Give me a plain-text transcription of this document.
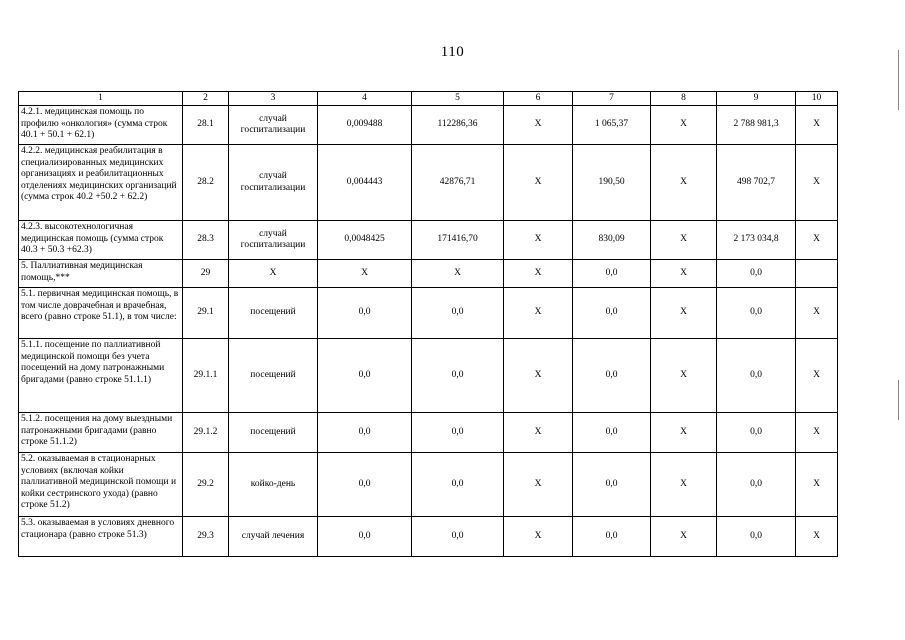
110
1	2	3	4	5	6	7	8	9	10
4.2.1. медицинская помощь по профилю «онкология» (сумма строк 40.1 + 50.1 + 62.1)	28.1	случай госпитализации	0,009488	112286,36	X	1 065,37	X	2 788 981,3	X
4.2.2. медицинская реабилитация в специализированных медицинских организациях и реабилитационных отделениях медицинских организаций (сумма строк 40.2 +50.2 + 62.2)	28.2	случай госпитализации	0,004443	42876,71	X	190,50	X	498 702,7	X
4.2.3. высокотехнологичная медицинская помощь (сумма строк 40.3 + 50.3 +62.3)	28.3	случай госпитализации	0,0048425	171416,70	X	830,09	X	2 173 034,8	X
5. Паллиативная медицинская помощь,***	29	X	X	X	X	0,0	X	0,0	
5.1. первичная медицинская помощь, в том числе доврачебная и врачебная, всего (равно строке 51.1), в том числе:	29.1	посещений	0,0	0,0	X	0,0	X	0,0	X
5.1.1. посещение по паллиативной медицинской помощи без учета посещений на дому патронажными бригадами (равно строке 51.1.1)	29.1.1	посещений	0,0	0,0	X	0,0	X	0,0	X
5.1.2. посещения на дому выездными патронажными бригадами (равно строке 51.1.2)	29.1.2	посещений	0,0	0,0	X	0,0	X	0,0	X
5.2. оказываемая в стационарных условиях (включая койки паллиативной медицинской помощи и койки сестринского ухода) (равно строке 51.2)	29.2	койко-день	0,0	0,0	X	0,0	X	0,0	X
5.3. оказываемая в условиях дневного стационара (равно строке 51.3)	29.3	случай лечения	0,0	0,0	X	0,0	X	0,0	X
